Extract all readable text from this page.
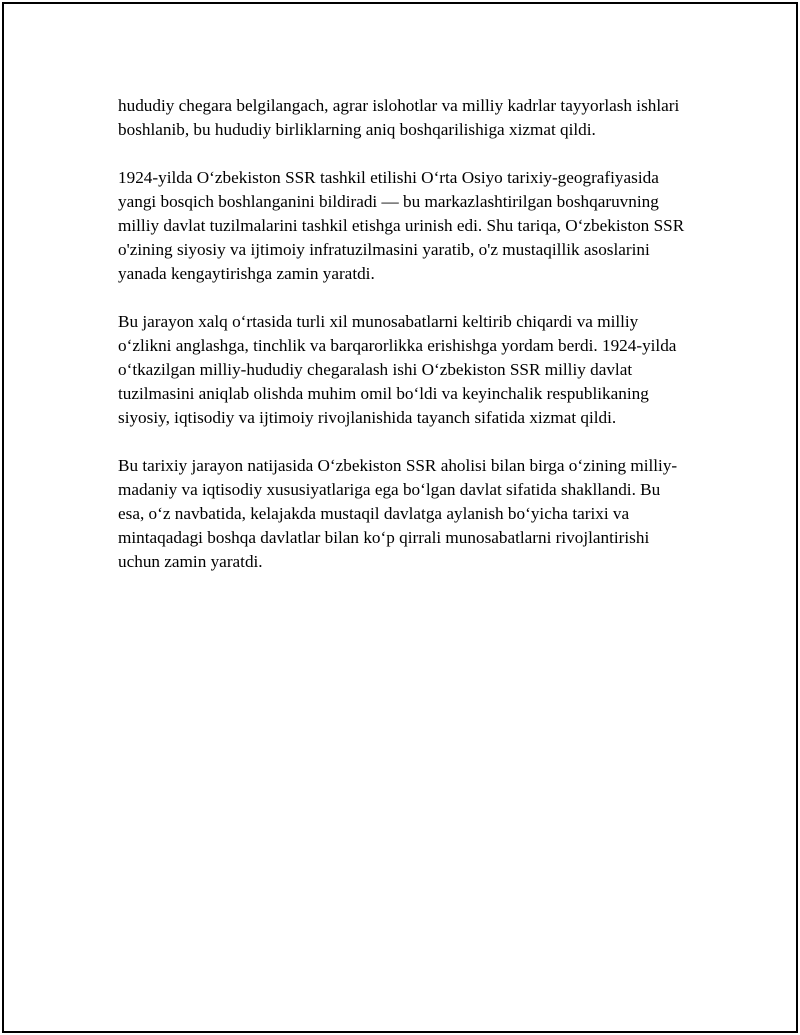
hududiy chegara belgilangach, agrar islohotlar va milliy kadrlar tayyorlash ishlari boshlanib, bu hududiy birliklarning aniq boshqarilishiga xizmat qildi.

1924-yilda Oʻzbekiston SSR tashkil etilishi Oʻrta Osiyo tarixiy-geografiyasida yangi bosqich boshlanganini bildiradi — bu markazlashtirilgan boshqaruvning milliy davlat tuzilmalarini tashkil etishga urinish edi. Shu tariqa, Oʻzbekiston SSR o'zining siyosiy va ijtimoiy infratuzilmasini yaratib, o'z mustaqillik asoslarini yanada kengaytirishga zamin yaratdi.

Bu jarayon xalq oʻrtasida turli xil munosabatlarni keltirib chiqardi va milliy oʻzlikni anglashga, tinchlik va barqarorlikka erishishga yordam berdi. 1924-yilda oʻtkazilgan milliy-hududiy chegaralash ishi Oʻzbekiston SSR milliy davlat tuzilmasini aniqlab olishda muhim omil boʻldi va keyinchalik respublikaning siyosiy, iqtisodiy va ijtimoiy rivojlanishida tayanch sifatida xizmat qildi.

Bu tarixiy jarayon natijasida Oʻzbekiston SSR aholisi bilan birga oʻzining milliy-madaniy va iqtisodiy xususiyatlariga ega boʻlgan davlat sifatida shakllandi. Bu esa, oʻz navbatida, kelajakda mustaqil davlatga aylanish boʻyicha tarixi va mintaqadagi boshqa davlatlar bilan koʻp qirrali munosabatlarni rivojlantirishi uchun zamin yaratdi.
